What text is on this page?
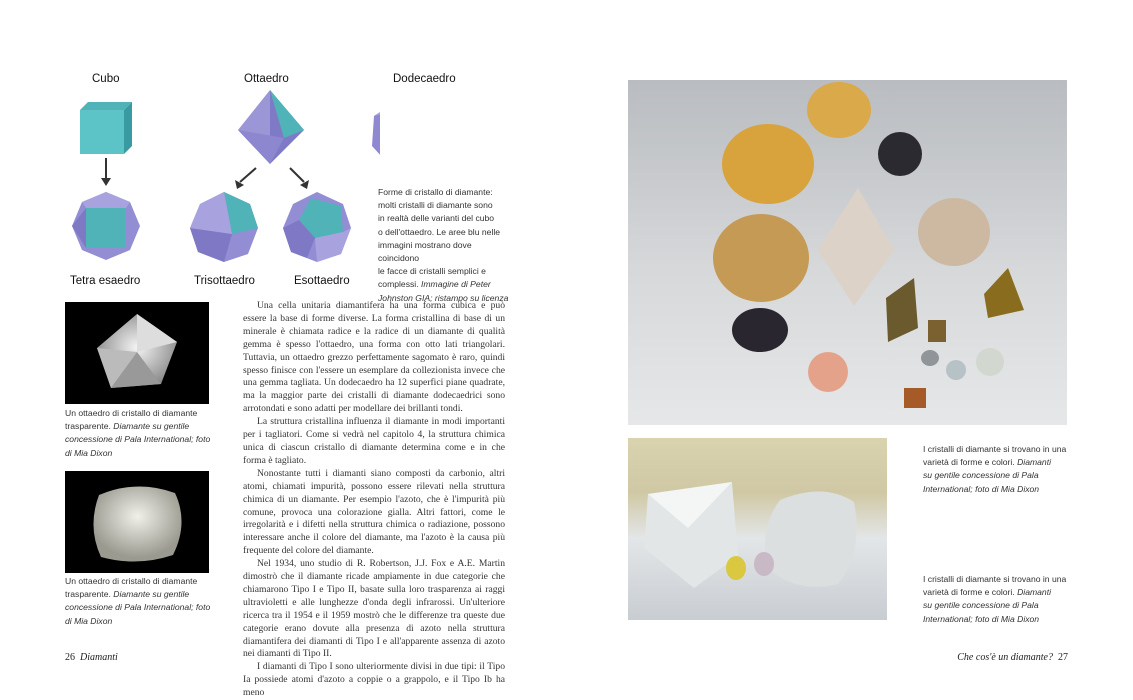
Cubo	Ottaedro	Dodecaedro
Tetra esaedro	Trisottaedro	Esottaedro
Forme di cristallo di diamante:
molti cristalli di diamante sono
in realtà delle varianti del cubo
o dell'ottaedro. Le aree blu nelle
immagini mostrano dove coincidono
le facce di cristalli semplici e
complessi. Immagine di Peter
Johnston GIA; ristampo su licenza
Un ottaedro di cristallo di diamante
trasparente. Diamante su gentile
concessione di Pala International; foto
di Mia Dixon
Un ottaedro di cristallo di diamante
trasparente. Diamante su gentile
concessione di Pala International; foto
di Mia Dixon

Una cella unitaria diamantifera ha una forma cubica e può essere la base di forme diverse. La forma cristallina di base di un minerale è chiamata radice e la radice di un diamante di qualità gemma è spesso l'ottaedro, una forma con otto lati triangolari. Tuttavia, un ottaedro grezzo perfettamente sagomato è raro, quindi spesso finisce con l'essere un esemplare da collezionista invece che una gemma tagliata. Un dodecaedro ha 12 superfici piane quadrate, ma la maggior parte dei cristalli di diamante dodecaedrici sono arrotondati e sono adatti per modellare dei brillanti tondi.

La struttura cristallina influenza il diamante in modi importanti per i tagliatori. Come si vedrà nel capitolo 4, la struttura chimica unica di ciascun cristallo di diamante determina come e in che forma è tagliato.

Nonostante tutti i diamanti siano composti da carbonio, altri atomi, chiamati impurità, possono essere rilevati nella struttura chimica di un diamante. Per esempio l'azoto, che è l'impurità più comune, provoca una colorazione gialla. Altri fattori, come le irregolarità e i difetti nella struttura chimica o radiazione, possono interessare anche il colore del diamante, ma l'azoto è la causa più frequente del colore del diamante.

Nel 1934, uno studio di R. Robertson, J.J. Fox e A.E. Martin dimostrò che il diamante ricade ampiamente in due categorie che chiamarono Tipo I e Tipo II, basate sulla loro trasparenza ai raggi ultravioletti e alle lunghezze d'onda degli infrarossi. Un'ulteriore ricerca tra il 1954 e il 1959 mostrò che le differenze tra queste due categorie erano dovute alla presenza di azoto nella struttura diamantifera dei diamanti di Tipo I e all'apparente assenza di azoto nei diamanti di Tipo II.

I diamanti di Tipo I sono ulteriormente divisi in due tipi: il Tipo Ia possiede atomi d'azoto a coppie o a grappolo, e il Tipo Ib ha meno

I cristalli di diamante si trovano in una
varietà di forme e colori. Diamanti
su gentile concessione di Pala
International; foto di Mia Dixon
I cristalli di diamante si trovano in una
varietà di forme e colori. Diamanti
su gentile concessione di Pala
International; foto di Mia Dixon
26 Diamanti	Che cos'è un diamante? 27
